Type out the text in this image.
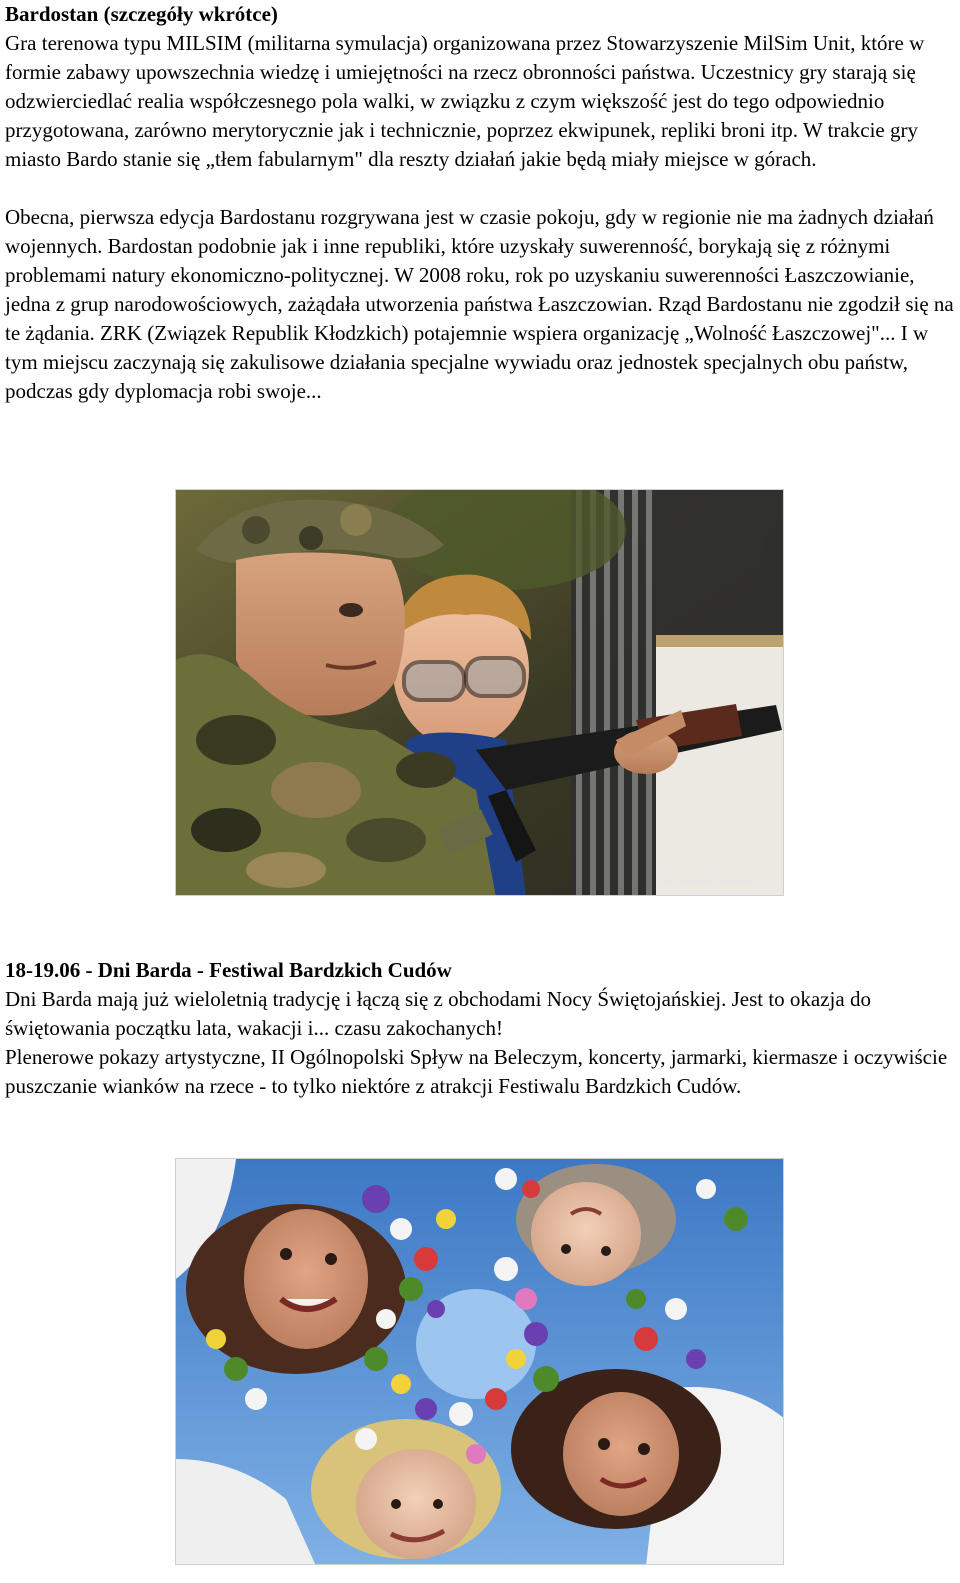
Bardostan (szczegóły wkrótce)

Gra terenowa typu MILSIM (militarna symulacja) organizowana przez Stowarzyszenie MilSim Unit, które w formie zabawy upowszechnia wiedzę i umiejętności na rzecz obronności państwa. Uczestnicy gry starają się odzwierciedlać realia współczesnego pola walki, w związku z czym większość jest do tego odpowiednio przygotowana, zarówno merytorycznie jak i technicznie, poprzez ekwipunek, repliki broni itp. W trakcie gry miasto Bardo stanie się „tłem fabularnym" dla reszty działań jakie będą miały miejsce w górach.

Obecna, pierwsza edycja Bardostanu rozgrywana jest w czasie pokoju, gdy w regionie nie ma żadnych działań wojennych. Bardostan podobnie jak i inne republiki, które uzyskały suwerenność, borykają się z różnymi problemami natury ekonomiczno-politycznej. W 2008 roku, rok po uzyskaniu suwerenności Łaszczowianie, jedna z grup narodowościowych, zażądała utworzenia państwa Łaszczowian. Rząd Bardostanu nie zgodził się na te żądania. ZRK (Związek Republik Kłodzkich) potajemnie wspiera organizację „Wolność Łaszczowej"... I w tym miejscu zaczynają się zakulisowe działania specjalne wywiadu oraz jednostek specjalnych obu państw, podczas gdy dyplomacja robi swoje...

Fot. Konrad Pochodaj
18-19.06 - Dni Barda - Festiwal Bardzkich Cudów

Dni Barda mają już wieloletnią tradycję i łączą się z obchodami Nocy Świętojańskiej. Jest to okazja do świętowania początku lata, wakacji i... czasu zakochanych!

Plenerowe pokazy artystyczne, II Ogólnopolski Spływ na Beleczym, koncerty, jarmarki, kiermasze i oczywiście puszczanie wianków na rzece - to tylko niektóre z atrakcji Festiwalu Bardzkich Cudów.
